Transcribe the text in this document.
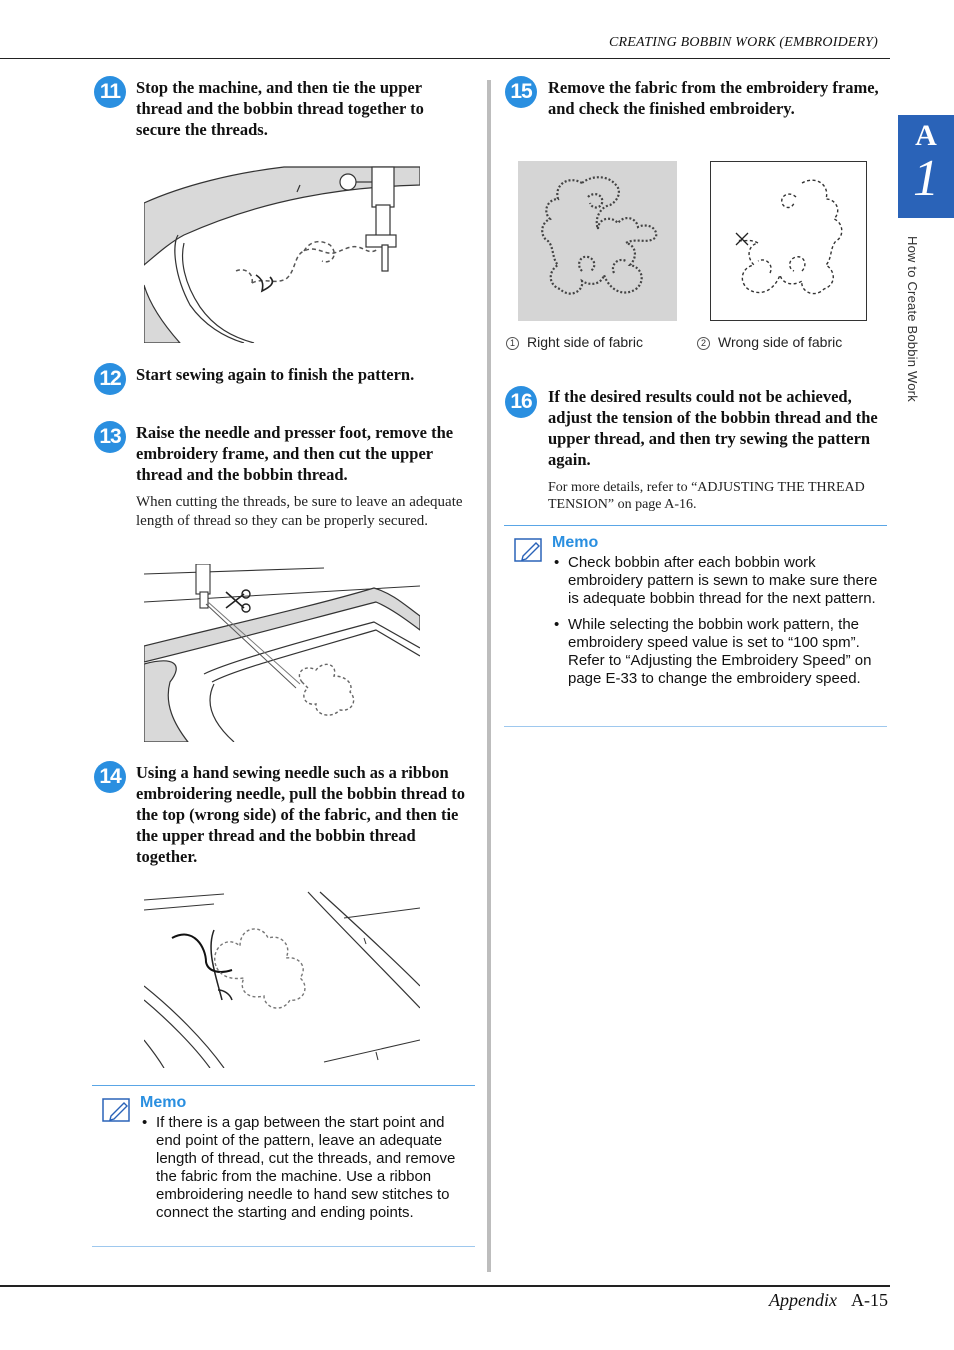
CREATING BOBBIN WORK (EMBROIDERY)
A
1
How to Create Bobbin Work
11 Stop the machine, and then tie the upper thread and the bobbin thread together to secure the threads.
12 Start sewing again to finish the pattern.
13 Raise the needle and presser foot, remove the embroidery frame, and then cut the upper thread and the bobbin thread.
When cutting the threads, be sure to leave an adequate length of thread so they can be properly secured.
14 Using a hand sewing needle such as a ribbon embroidering needle, pull the bobbin thread to the top (wrong side) of the fabric, and then tie the upper thread and the bobbin thread together.
Memo
• If there is a gap between the start point and end point of the pattern, leave an adequate length of thread, cut the threads, and remove the fabric from the machine. Use a ribbon embroidering needle to hand sew stitches to connect the starting and ending points.
15 Remove the fabric from the embroidery frame, and check the finished embroidery.
1 Right side of fabric	2 Wrong side of fabric
16 If the desired results could not be achieved, adjust the tension of the bobbin thread and the upper thread, and then try sewing the pattern again.
For more details, refer to “ADJUSTING THE THREAD TENSION” on page A-16.
Memo
• Check bobbin after each bobbin work embroidery pattern is sewn to make sure there is adequate bobbin thread for the next pattern.
• While selecting the bobbin work pattern, the embroidery speed value is set to “100 spm”. Refer to “Adjusting the Embroidery Speed” on page E-33 to change the embroidery speed.
Appendix A-15
